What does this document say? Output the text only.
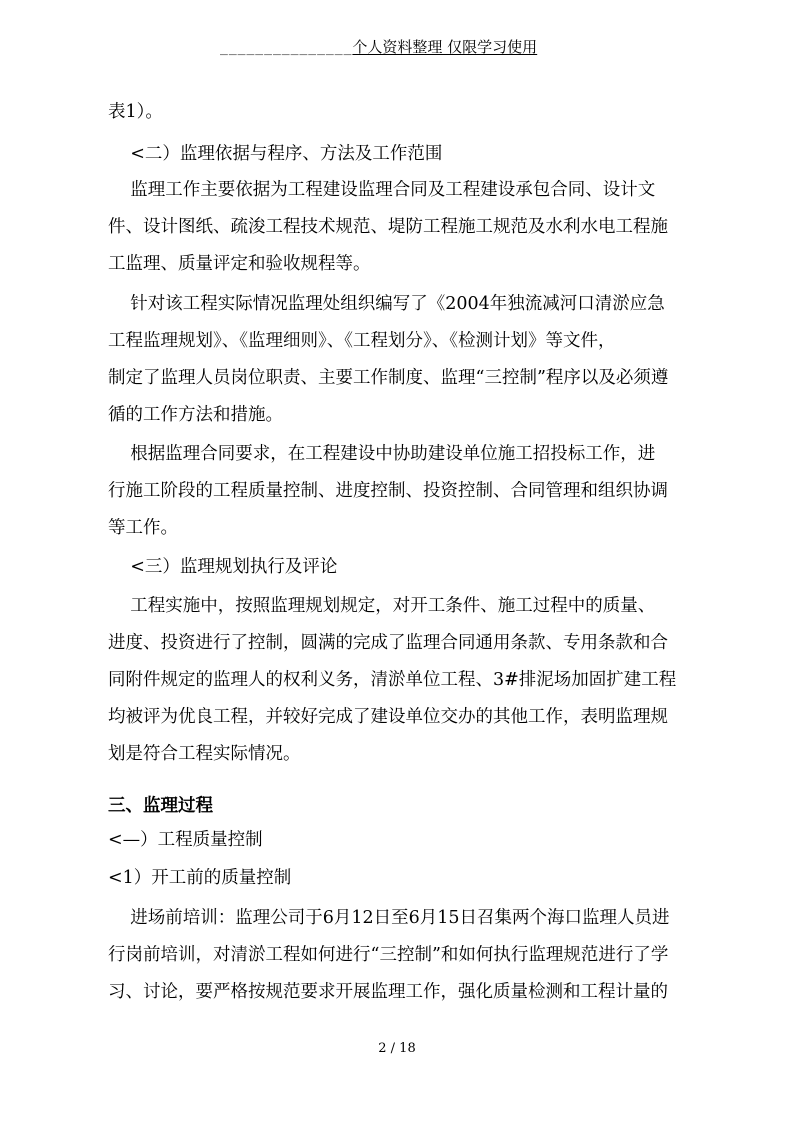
_______________个人资料整理 仅限学习使用
表1）。
<二）监理依据与程序、方法及工作范围
监理工作主要依据为工程建设监理合同及工程建设承包合同、设计文
件、设计图纸、疏浚工程技术规范、堤防工程施工规范及水利水电工程施
工监理、质量评定和验收规程等。
针对该工程实际情况监理处组织编写了《2004年独流减河口清淤应急
工程监理规划》、《监理细则》、《工程划分》、《检测计划》等文件，
制定了监理人员岗位职责、主要工作制度、监理“三控制”程序以及必须遵
循的工作方法和措施。
根据监理合同要求，在工程建设中协助建设单位施工招投标工作，进
行施工阶段的工程质量控制、进度控制、投资控制、合同管理和组织协调
等工作。
<三）监理规划执行及评论
工程实施中，按照监理规划规定，对开工条件、施工过程中的质量、
进度、投资进行了控制，圆满的完成了监理合同通用条款、专用条款和合
同附件规定的监理人的权利义务，清淤单位工程、3#排泥场加固扩建工程
均被评为优良工程，并较好完成了建设单位交办的其他工作，表明监理规
划是符合工程实际情况。
三、监理过程
<—）工程质量控制
<1）开工前的质量控制
进场前培训：监理公司于6月12日至6月15日召集两个海口监理人员进
行岗前培训，对清淤工程如何进行“三控制”和如何执行监理规范进行了学
习、讨论，要严格按规范要求开展监理工作，强化质量检测和工程计量的
2 / 18
